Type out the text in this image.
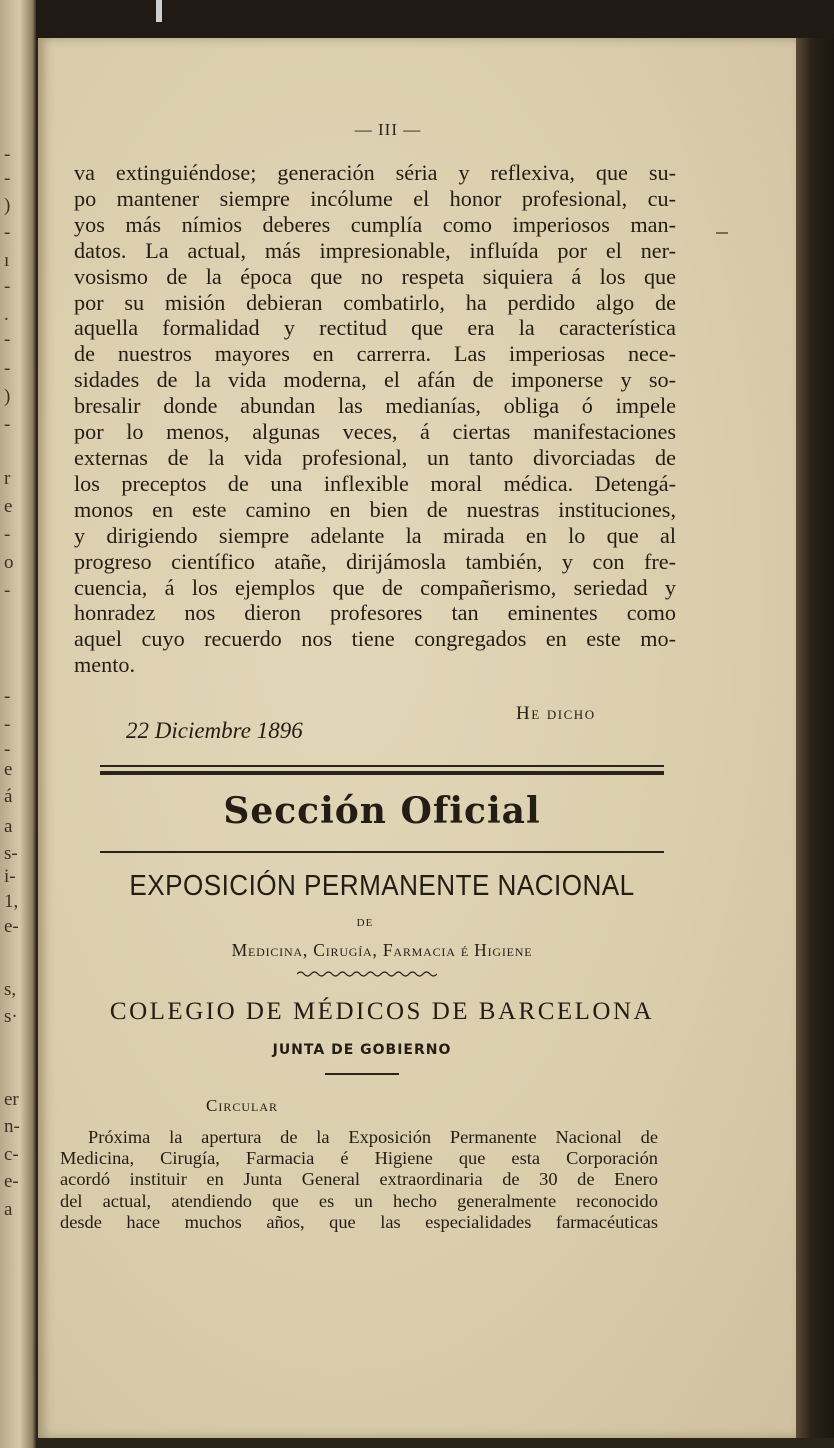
-
-
)
-
ı
-
.
-
-
)
-
r
e
-
o
-
-
-
-
e
á
a
s-
i-
1,
e-
s,
s·
er
n-
c-
e-
a
— III —
va extinguiéndose; generación séria y reflexiva, que su-
po mantener siempre incólume el honor profesional, cu-
yos más nímios deberes cumplía como imperiosos man-
datos. La actual, más impresionable, influída por el ner-
vosismo de la época que no respeta siquiera á los que
por su misión debieran combatirlo, ha perdido algo de
aquella formalidad y rectitud que era la característica
de nuestros mayores en carrerra. Las imperiosas nece-
sidades de la vida moderna, el afán de imponerse y so-
bresalir donde abundan las medianías, obliga ó impele
por lo menos, algunas veces, á ciertas manifestaciones
externas de la vida profesional, un tanto divorciadas de
los preceptos de una inflexible moral médica. Detengá-
monos en este camino en bien de nuestras instituciones,
y dirigiendo siempre adelante la mirada en lo que al
progreso científico atañe, dirijámosla también, y con fre-
cuencia, á los ejemplos que de compañerismo, seriedad y
honradez nos dieron profesores tan eminentes como
aquel cuyo recuerdo nos tiene congregados en este mo-
mento.
He dicho
22 Diciembre 1896
Sección Oficial
EXPOSICIÓN PERMANENTE NACIONAL
DE
Medicina, Cirugía, Farmacia é Higiene
COLEGIO DE MÉDICOS DE BARCELONA
JUNTA DE GOBIERNO
Circular
Próxima la apertura de la Exposición Permanente Nacional de
Medicina, Cirugía, Farmacia é Higiene que esta Corporación
acordó instituir en Junta General extraordinaria de 30 de Enero
del actual, atendiendo que es un hecho generalmente reconocido
desde hace muchos años, que las especialidades farmacéuticas
